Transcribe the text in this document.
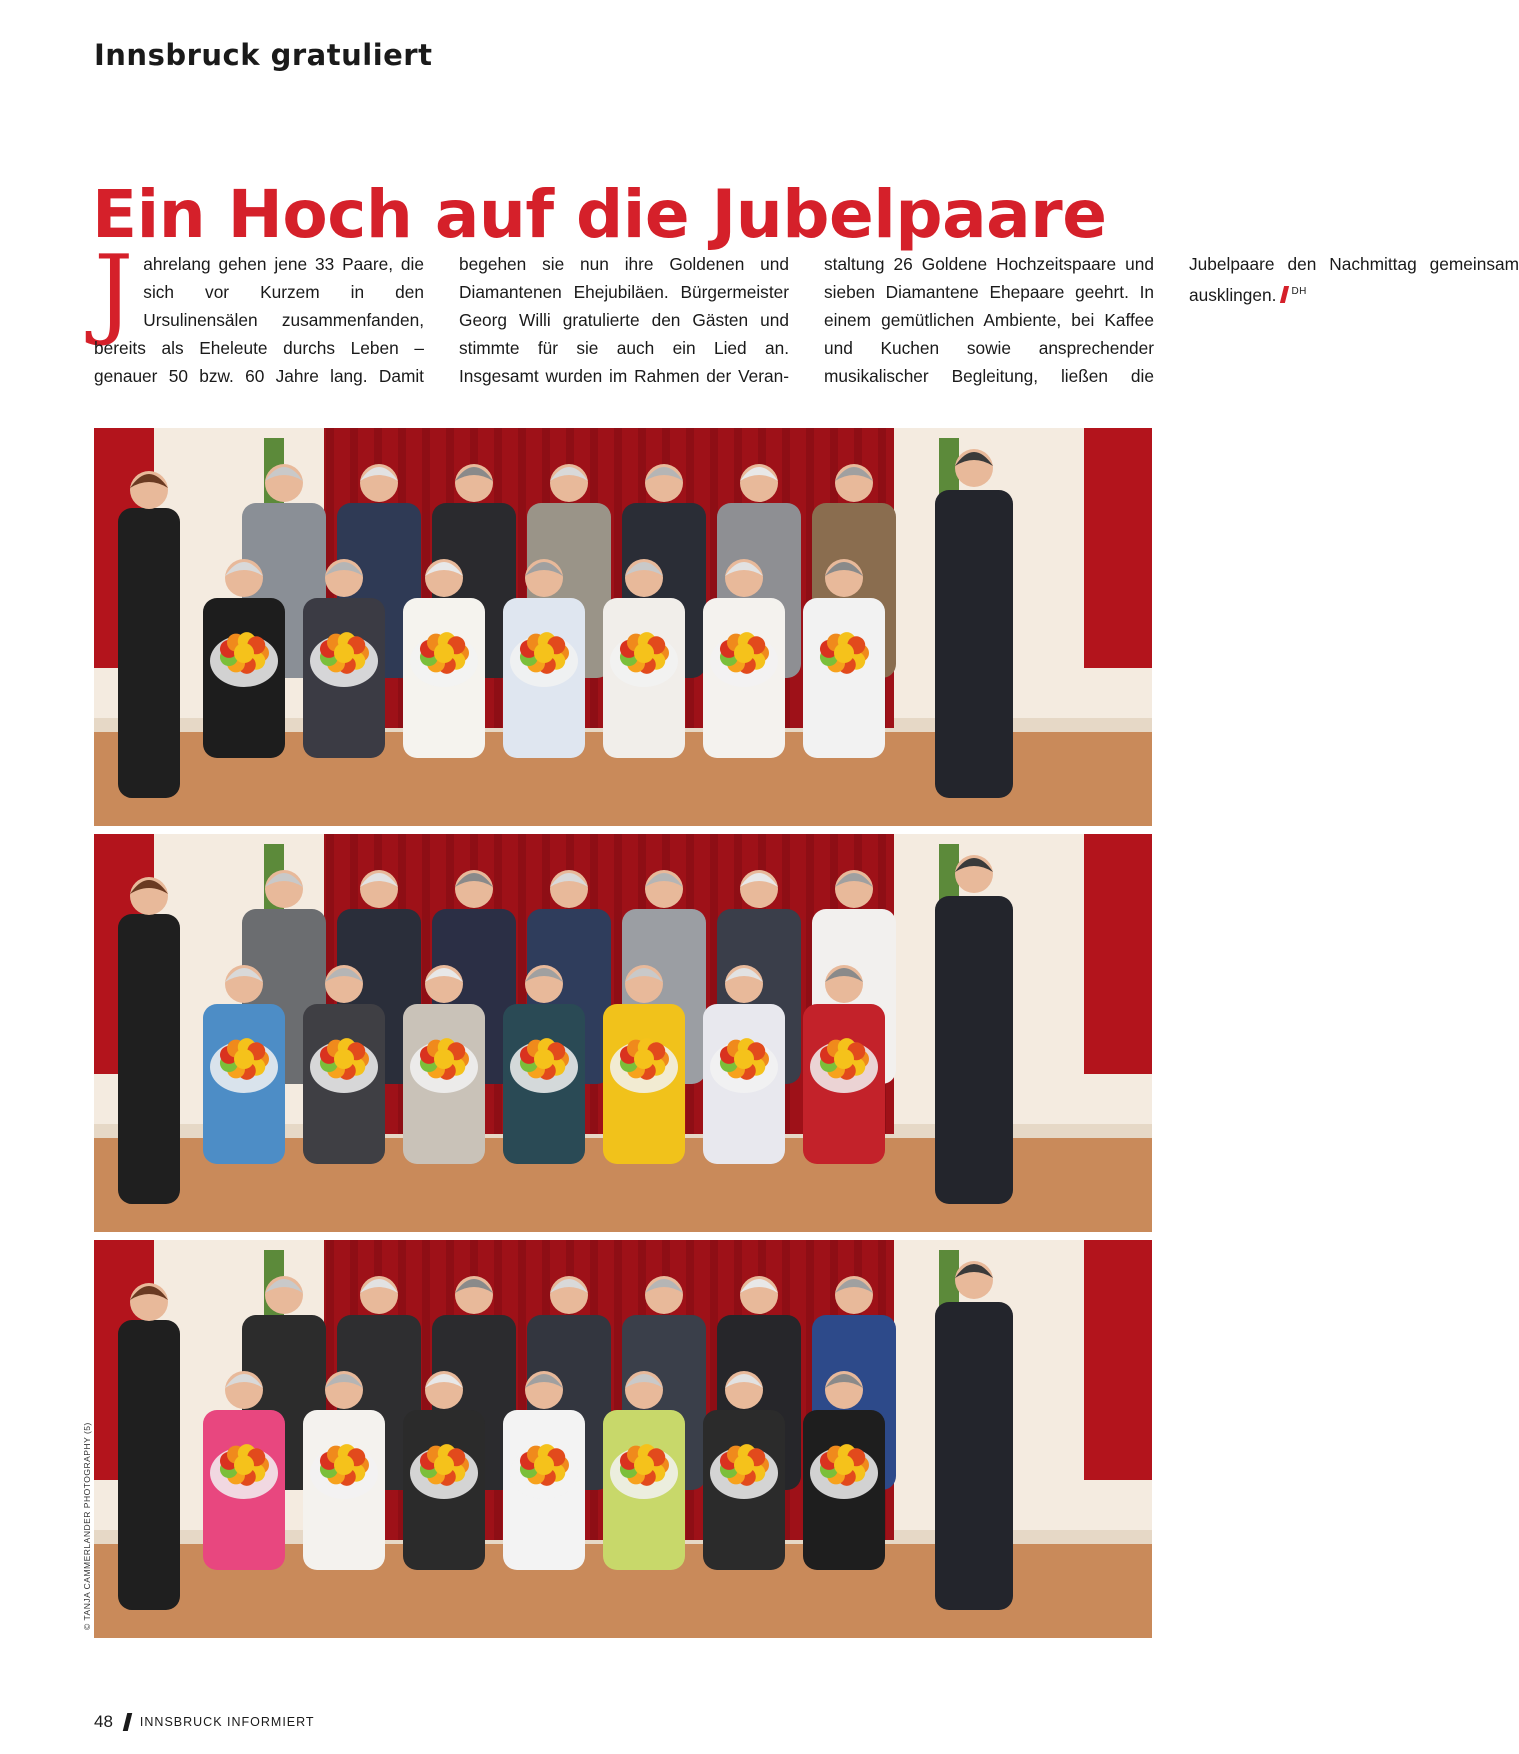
Innsbruck gratuliert
Ein Hoch auf die Jubelpaare

Jahrelang gehen jene 33 Paare, die sich vor Kurzem in den Ursulinensälen zusammenfanden, bereits als Eheleute durchs Leben – genauer 50 bzw. 60 Jahre lang. Damit begehen sie nun ihre Goldenen und Diamantenen Ehejubiläen. Bürgermeister Georg Willi gratulierte den Gästen und stimmte für sie auch ein Lied an. Insgesamt wurden im Rahmen der Veranstaltung 26 Goldene Hochzeitspaare und sieben Diamantene Ehepaare geehrt. In einem gemütlichen Ambiente, bei Kaffee und Kuchen sowie ansprechender musikalischer Begleitung, ließen die Jubelpaare den Nachmittag gemeinsam ausklingen. $^{DH}$

© TANJA CAMMERLANDER PHOTOGRAPHY (5)
48 INNSBRUCK INFORMIERT
